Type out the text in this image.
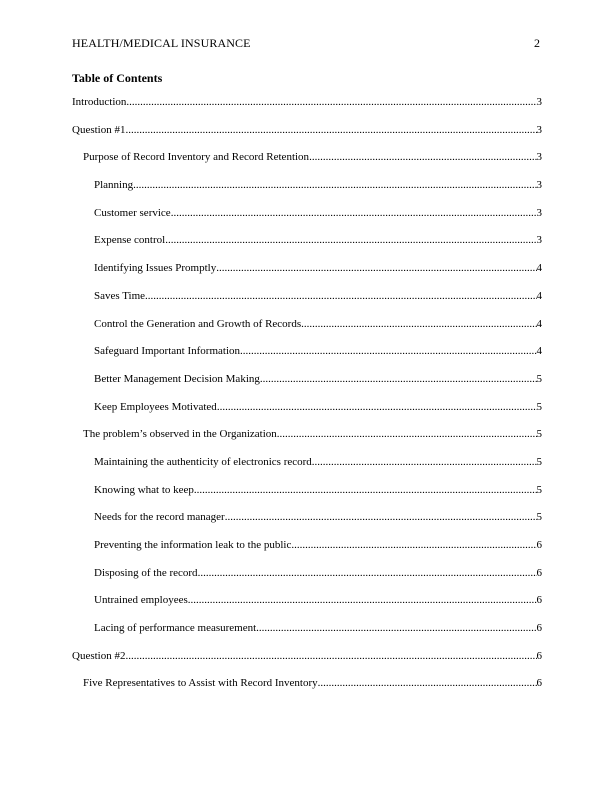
HEALTH/MEDICAL INSURANCE	2
Table of Contents
Introduction .....	3
Question #1 .....	3
Purpose of Record Inventory and Record Retention .....	3
Planning .....	3
Customer service .....	3
Expense control .....	3
Identifying Issues Promptly .....	4
Saves Time .....	4
Control the Generation and Growth of Records .....	4
Safeguard Important Information .....	4
Better Management Decision Making .....	5
Keep Employees Motivated .....	5
The problem’s observed in the Organization .....	5
Maintaining the authenticity of electronics record .....	5
Knowing what to keep .....	5
Needs for the record manager .....	5
Preventing the information leak to the public .....	6
Disposing of the record .....	6
Untrained employees .....	6
Lacing of performance measurement .....	6
Question #2 .....	6
Five Representatives to Assist with Record Inventory .....	6
